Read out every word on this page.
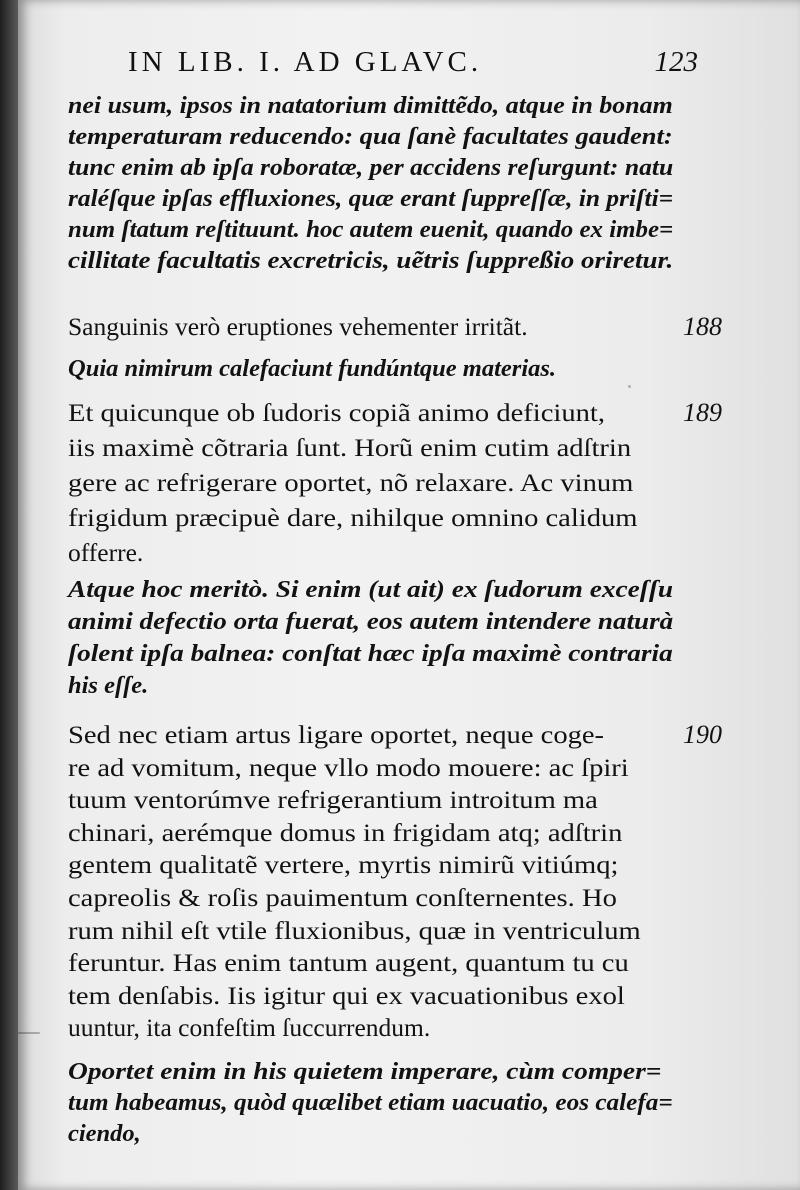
IN LIB. I. AD GLAVC.	123
nei usum, ipsos in natatorium dimittẽdo, atque in bonam
temperaturam reducendo: qua ſanè facultates gaudent:
tunc enim ab ipſa roboratæ, per accidens reſurgunt: natu
raléſque ipſas effluxiones, quæ erant ſuppreſſæ, in priſti=
num ſtatum reſtituunt. hoc autem euenit, quando ex imbe=
cillitate facultatis excretricis, uẽtris ſuppreßio oriretur.
Sanguinis verò eruptiones vehementer irritãt.	188
Quia nimirum calefaciunt fundúntque materias.
Et quicunque ob ſudoris copiã animo deficiunt,
iis maximè cõtraria ſunt. Horũ enim cutim adſtrin
gere ac refrigerare oportet, nõ relaxare. Ac vinum
frigidum præcipuè dare, nihilque omnino calidum
offerre.
189
Atque hoc meritò. Si enim (ut ait) ex ſudorum exceſſu
animi defectio orta fuerat, eos autem intendere naturà
ſolent ipſa balnea: conſtat hæc ipſa maximè contraria
his eſſe.
Sed nec etiam artus ligare oportet, neque coge-
re ad vomitum, neque vllo modo mouere: ac ſpiri
tuum ventorúmve refrigerantium introitum ma
chinari, aerémque domus in frigidam atq; adſtrin
gentem qualitatẽ vertere, myrtis nimirũ vitiúmq;
capreolis & roſis pauimentum conſternentes. Ho
rum nihil eſt vtile fluxionibus, quæ in ventriculum
feruntur. Has enim tantum augent, quantum tu cu
tem denſabis. Iis igitur qui ex vacuationibus exol
uuntur, ita confeſtim ſuccurrendum.
190
Oportet enim in his quietem imperare, cùm comper=
tum habeamus, quòd quælibet etiam uacuatio, eos calefa=
ciendo,
